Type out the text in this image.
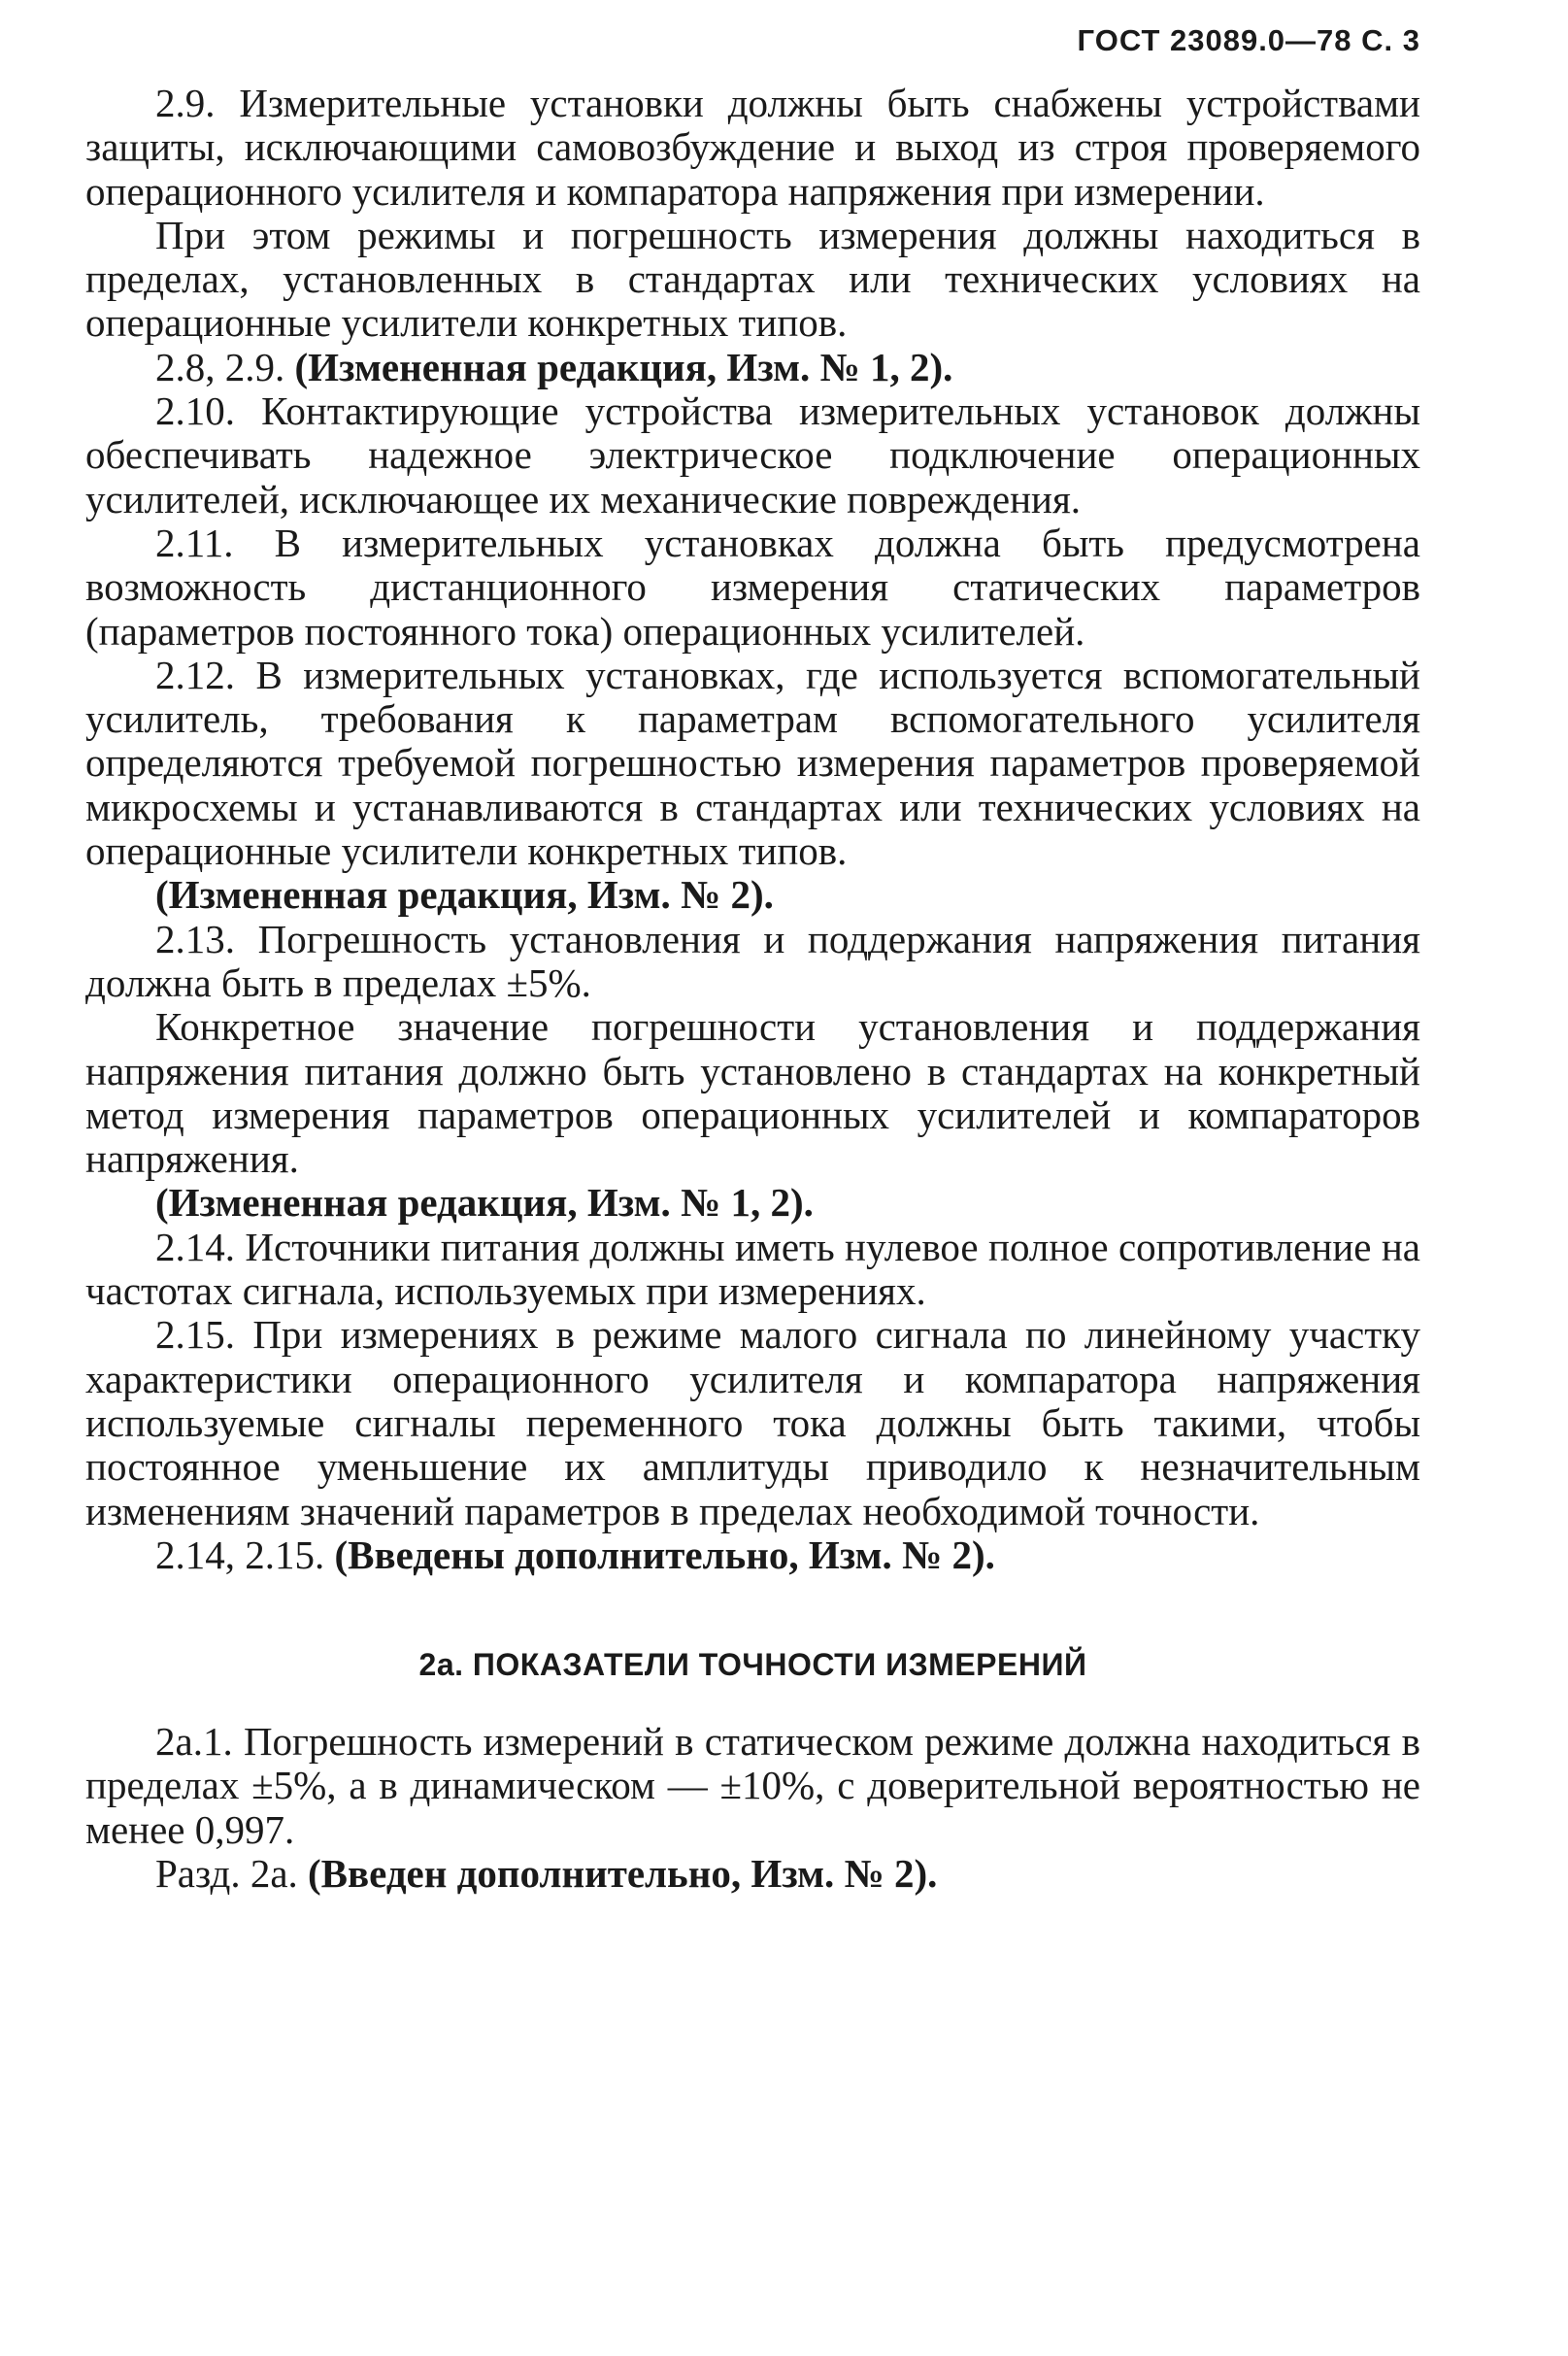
ГОСТ 23089.0—78 С. 3

2.9. Измерительные установки должны быть снабжены устройствами защиты, исключающими самовозбуждение и выход из строя проверяемого операционного усилителя и компаратора напряжения при измерении.

При этом режимы и погрешность измерения должны находиться в пределах, установленных в стандартах или технических условиях на операционные усилители конкретных типов.

2.8, 2.9. (Измененная редакция, Изм. № 1, 2).

2.10. Контактирующие устройства измерительных установок должны обеспечивать надежное электрическое подключение операционных усилителей, исключающее их механические повреждения.

2.11. В измерительных установках должна быть предусмотрена возможность дистанционного измерения статических параметров (параметров постоянного тока) операционных усилителей.

2.12. В измерительных установках, где используется вспомогательный усилитель, требования к параметрам вспомогательного усилителя определяются требуемой погрешностью измерения параметров проверяемой микросхемы и устанавливаются в стандартах или технических условиях на операционные усилители конкретных типов.

(Измененная редакция, Изм. № 2).

2.13. Погрешность установления и поддержания напряжения питания должна быть в пределах ±5%.

Конкретное значение погрешности установления и поддержания напряжения питания должно быть установлено в стандартах на конкретный метод измерения параметров операционных усилителей и компараторов напряжения.

(Измененная редакция, Изм. № 1, 2).

2.14. Источники питания должны иметь нулевое полное сопротивление на частотах сигнала, используемых при измерениях.

2.15. При измерениях в режиме малого сигнала по линейному участку характеристики операционного усилителя и компаратора напряжения используемые сигналы переменного тока должны быть такими, чтобы постоянное уменьшение их амплитуды приводило к незначительным изменениям значений параметров в пределах необходимой точности.

2.14, 2.15. (Введены дополнительно, Изм. № 2).

2а. ПОКАЗАТЕЛИ ТОЧНОСТИ ИЗМЕРЕНИЙ

2а.1. Погрешность измерений в статическом режиме должна находиться в пределах ±5%, а в динамическом — ±10%, с доверительной вероятностью не менее 0,997.

Разд. 2а. (Введен дополнительно, Изм. № 2).
